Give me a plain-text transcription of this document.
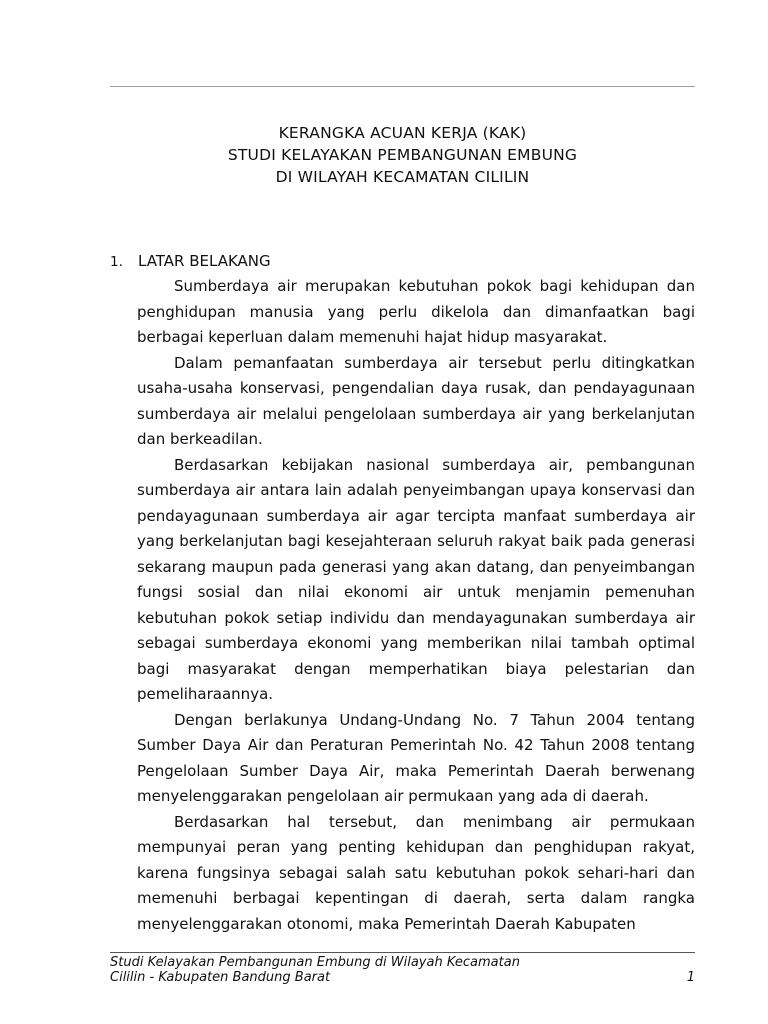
KERANGKA ACUAN KERJA (KAK)
STUDI KELAYAKAN PEMBANGUNAN EMBUNG
DI WILAYAH KECAMATAN CILILIN
1. LATAR BELAKANG

Sumberdaya air merupakan kebutuhan pokok bagi kehidupan dan penghidupan manusia yang perlu dikelola dan dimanfaatkan bagi berbagai keperluan dalam memenuhi hajat hidup masyarakat.

Dalam pemanfaatan sumberdaya air tersebut perlu ditingkatkan usaha-usaha konservasi, pengendalian daya rusak, dan pendayagunaan sumberdaya air melalui pengelolaan sumberdaya air yang berkelanjutan dan berkeadilan.

Berdasarkan kebijakan nasional sumberdaya air, pembangunan sumberdaya air antara lain adalah penyeimbangan upaya konservasi dan pendayagunaan sumberdaya air agar tercipta manfaat sumberdaya air yang berkelanjutan bagi kesejahteraan seluruh rakyat baik pada generasi sekarang maupun pada generasi yang akan datang, dan penyeimbangan fungsi sosial dan nilai ekonomi air untuk menjamin pemenuhan kebutuhan pokok setiap individu dan mendayagunakan sumberdaya air sebagai sumberdaya ekonomi yang memberikan nilai tambah optimal bagi masyarakat dengan memperhatikan biaya pelestarian dan pemeliharaannya.

Dengan berlakunya Undang-Undang No. 7 Tahun 2004 tentang Sumber Daya Air dan Peraturan Pemerintah No. 42 Tahun 2008 tentang Pengelolaan Sumber Daya Air, maka Pemerintah Daerah berwenang menyelenggarakan pengelolaan air permukaan yang ada di daerah.

Berdasarkan hal tersebut, dan menimbang air permukaan mempunyai peran yang penting kehidupan dan penghidupan rakyat, karena fungsinya sebagai salah satu kebutuhan pokok sehari-hari dan memenuhi berbagai kepentingan di daerah, serta dalam rangka menyelenggarakan otonomi, maka Pemerintah Daerah Kabupaten

Studi Kelayakan Pembangunan Embung di Wilayah Kecamatan Cililin - Kabupaten Bandung Barat	1
